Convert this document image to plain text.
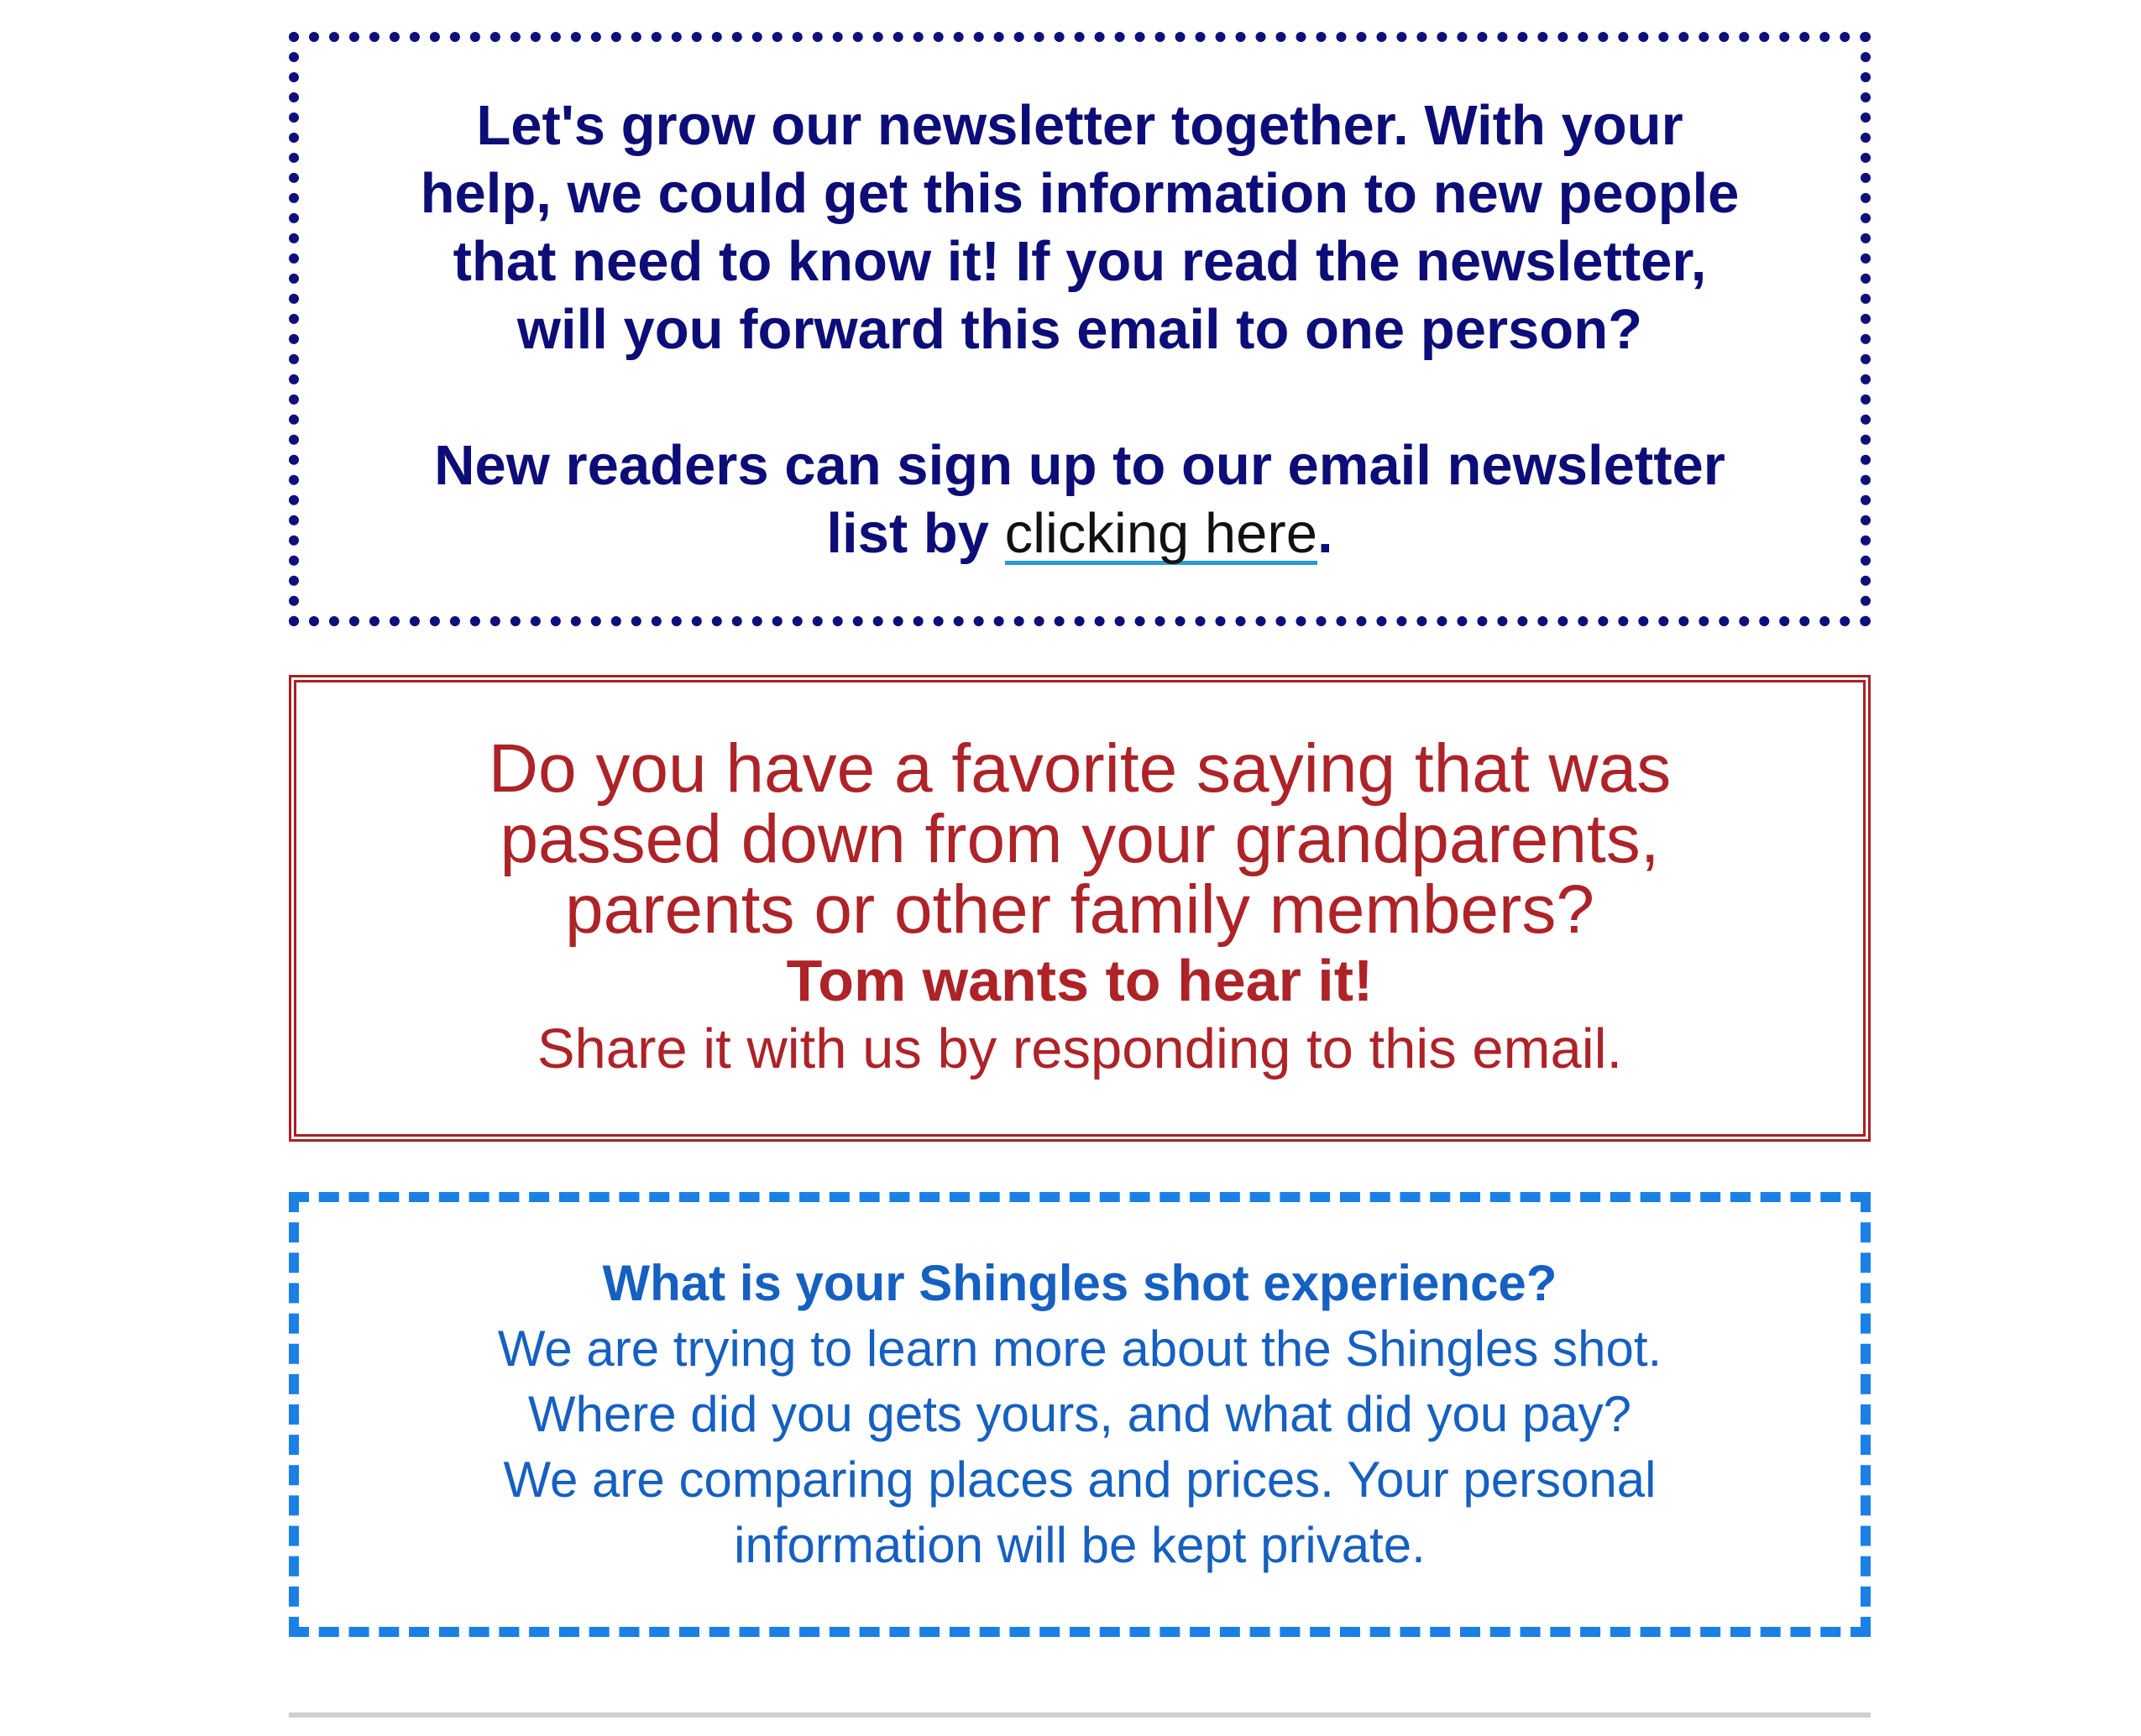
Let's grow our newsletter together. With your
help, we could get this information to new people
that need to know it! If you read the newsletter,
will you forward this email to one person?

New readers can sign up to our email newsletter
list by clicking here.

Do you have a favorite saying that was
passed down from your grandparents,
parents or other family members?

Tom wants to hear it!

Share it with us by responding to this email.

What is your Shingles shot experience?

We are trying to learn more about the Shingles shot.
Where did you gets yours, and what did you pay?
We are comparing places and prices. Your personal
information will be kept private.
